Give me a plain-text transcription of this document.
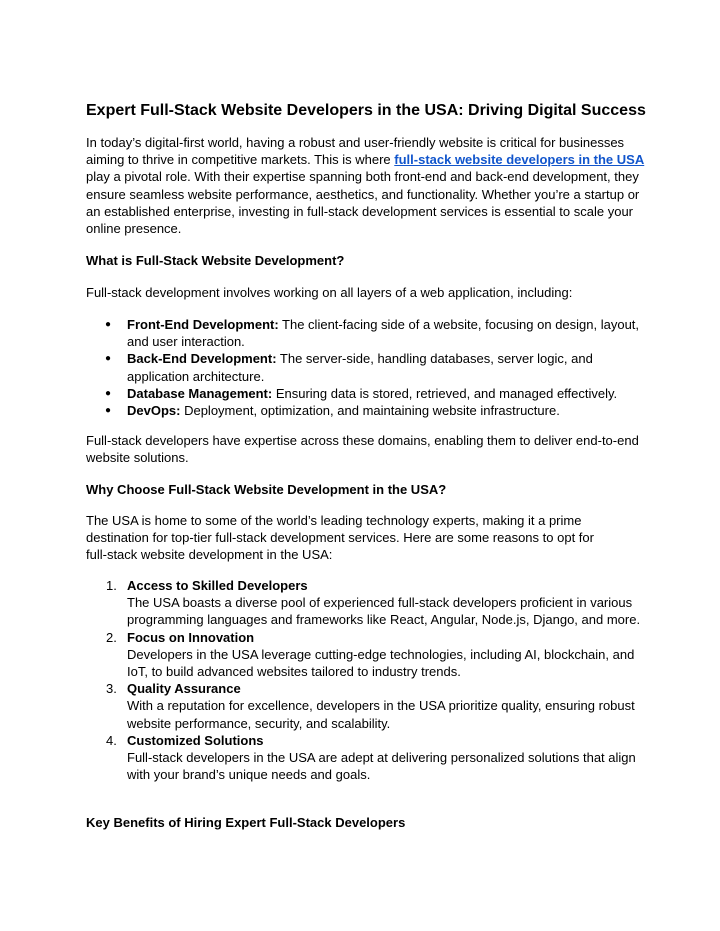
Expert Full-Stack Website Developers in the USA: Driving Digital Success

In today’s digital-first world, having a robust and user-friendly website is critical for businesses aiming to thrive in competitive markets. This is where full-stack website developers in the USA play a pivotal role. With their expertise spanning both front-end and back-end development, they ensure seamless website performance, aesthetics, and functionality. Whether you’re a startup or an established enterprise, investing in full-stack development services is essential to scale your online presence.

What is Full-Stack Website Development?

Full-stack development involves working on all layers of a web application, including:

● Front-End Development: The client-facing side of a website, focusing on design, layout, and user interaction.
● Back-End Development: The server-side, handling databases, server logic, and application architecture.
● Database Management: Ensuring data is stored, retrieved, and managed effectively.
● DevOps: Deployment, optimization, and maintaining website infrastructure.

Full-stack developers have expertise across these domains, enabling them to deliver end-to-end website solutions.

Why Choose Full-Stack Website Development in the USA?

The USA is home to some of the world’s leading technology experts, making it a prime
destination for top-tier full-stack development services. Here are some reasons to opt for
full-stack website development in the USA:

1. Access to Skilled Developers
The USA boasts a diverse pool of experienced full-stack developers proficient in various programming languages and frameworks like React, Angular, Node.js, Django, and more.
2. Focus on Innovation
Developers in the USA leverage cutting-edge technologies, including AI, blockchain, and IoT, to build advanced websites tailored to industry trends.
3. Quality Assurance
With a reputation for excellence, developers in the USA prioritize quality, ensuring robust website performance, security, and scalability.
4. Customized Solutions
Full-stack developers in the USA are adept at delivering personalized solutions that align with your brand’s unique needs and goals.
Key Benefits of Hiring Expert Full-Stack Developers
